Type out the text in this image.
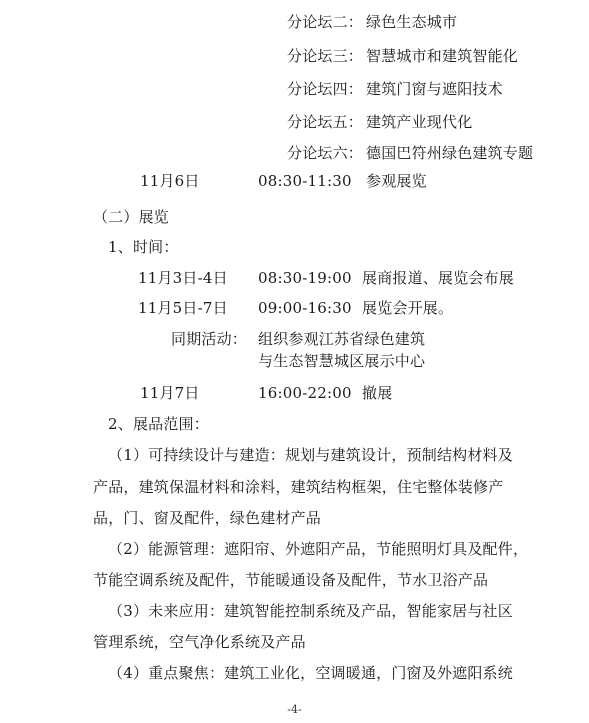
分论坛二： 绿色生态城市
分论坛三： 智慧城市和建筑智能化
分论坛四： 建筑门窗与遮阳技术
分论坛五： 建筑产业现代化
分论坛六： 德国巴符州绿色建筑专题
11月6日	08:30-11:30 参观展览
（二）展览
1、时间：
11月3日-4日 08:30-19:00 展商报道、展览会布展
11月5日-7日 09:00-16:30 展览会开展。
同期活动： 组织参观江苏省绿色建筑
与生态智慧城区展示中心
11月7日	16:00-22:00 撤展
2、展品范围：
（1）可持续设计与建造：规划与建筑设计，预制结构材料及
产品，建筑保温材料和涂料，建筑结构框架，住宅整体装修产
品，门、窗及配件，绿色建材产品
（2）能源管理：遮阳帘、外遮阳产品，节能照明灯具及配件，
节能空调系统及配件，节能暖通设备及配件，节水卫浴产品
（3）未来应用：建筑智能控制系统及产品，智能家居与社区
管理系统，空气净化系统及产品
（4）重点聚焦：建筑工业化，空调暖通，门窗及外遮阳系统
-4-
